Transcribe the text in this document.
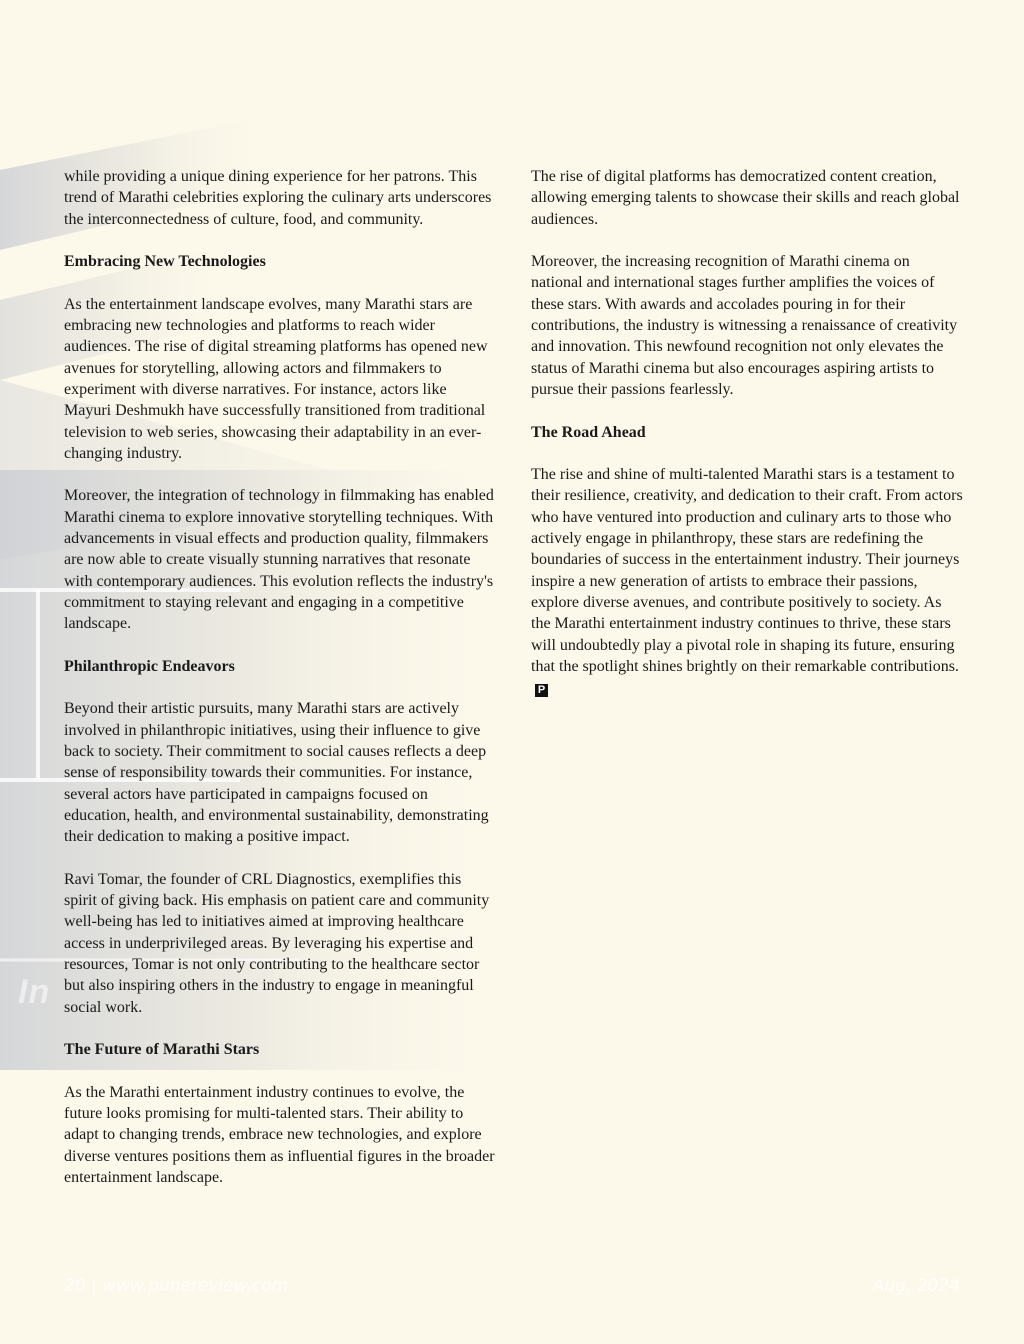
In

while providing a unique dining experience for her patrons. This trend of Marathi celebrities exploring the culinary arts underscores the interconnectedness of culture, food, and community.

Embracing New Technologies

As the entertainment landscape evolves, many Marathi stars are embracing new technologies and platforms to reach wider audiences. The rise of digital streaming platforms has opened new avenues for storytelling, allowing actors and filmmakers to experiment with diverse narratives. For instance, actors like Mayuri Deshmukh have successfully transitioned from traditional television to web series, showcasing their adaptability in an ever-changing industry.

Moreover, the integration of technology in filmmaking has enabled Marathi cinema to explore innovative storytelling techniques. With advancements in visual effects and production quality, filmmakers are now able to create visually stunning narratives that resonate with contemporary audiences. This evolution reflects the industry's commitment to staying relevant and engaging in a competitive landscape.

Philanthropic Endeavors

Beyond their artistic pursuits, many Marathi stars are actively involved in philanthropic initiatives, using their influence to give back to society. Their commitment to social causes reflects a deep sense of responsibility towards their communities. For instance, several actors have participated in campaigns focused on education, health, and environmental sustainability, demonstrating their dedication to making a positive impact.

Ravi Tomar, the founder of CRL Diagnostics, exemplifies this spirit of giving back. His emphasis on patient care and community well-being has led to initiatives aimed at improving healthcare access in underprivileged areas. By leveraging his expertise and resources, Tomar is not only contributing to the healthcare sector but also inspiring others in the industry to engage in meaningful social work.

The Future of Marathi Stars

As the Marathi entertainment industry continues to evolve, the future looks promising for multi-talented stars. Their ability to adapt to changing trends, embrace new technologies, and explore diverse ventures positions them as influential figures in the broader entertainment landscape.

The rise of digital platforms has democratized content creation, allowing emerging talents to showcase their skills and reach global audiences.

Moreover, the increasing recognition of Marathi cinema on national and international stages further amplifies the voices of these stars. With awards and accolades pouring in for their contributions, the industry is witnessing a renaissance of creativity and innovation. This newfound recognition not only elevates the status of Marathi cinema but also encourages aspiring artists to pursue their passions fearlessly.

The Road Ahead

The rise and shine of multi-talented Marathi stars is a testament to their resilience, creativity, and dedication to their craft. From actors who have ventured into production and culinary arts to those who actively engage in philanthropy, these stars are redefining the boundaries of success in the entertainment industry. Their journeys inspire a new generation of artists to embrace their passions, explore diverse avenues, and contribute positively to society. As the Marathi entertainment industry continues to thrive, these stars will undoubtedly play a pivotal role in shaping its future, ensuring that the spotlight shines brightly on their remarkable contributions.P

20 | www.punereview.com	Aug, 2024
